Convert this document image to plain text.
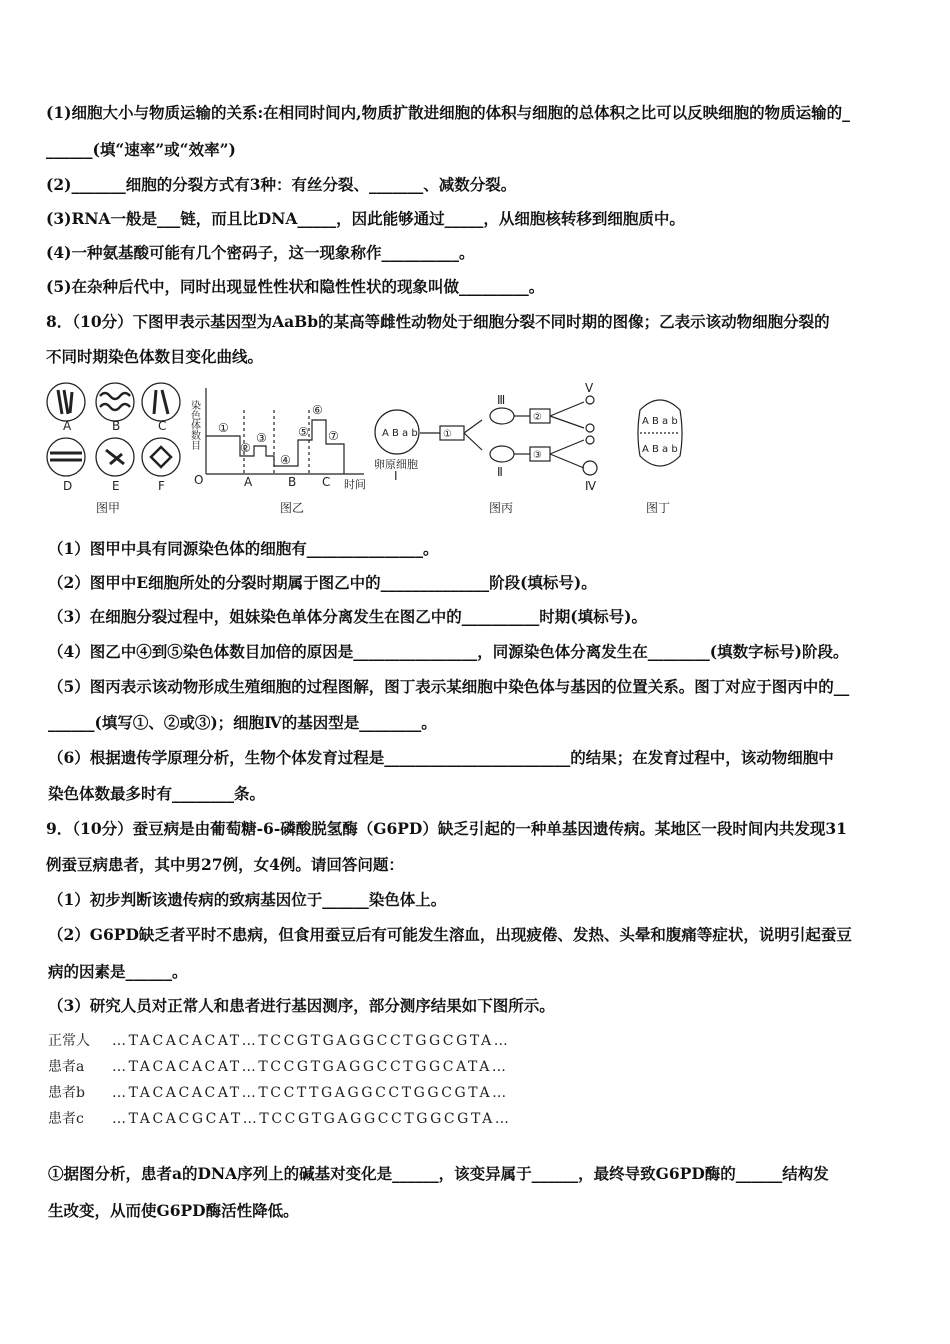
(1)细胞大小与物质运输的关系:在相同时间内,物质扩散进细胞的体积与细胞的总体积之比可以反映细胞的物质运输的_
______(填“速率”或“效率”)
(2)_______细胞的分裂方式有3种：有丝分裂、_______、减数分裂。
(3)RNA一般是___链，而且比DNA_____，因此能够通过_____，从细胞核转移到细胞质中。
(4)一种氨基酸可能有几个密码子，这一现象称作__________。
(5)在杂种后代中，同时出现显性性状和隐性性状的现象叫做_________。
8．（10分）下图甲表示基因型为AaBb的某高等雌性动物处于细胞分裂不同时期的图像；乙表示该动物细胞分裂的
不同时期染色体数目变化曲线。
A	B	C
D	E	F
图甲
染色体数目
O	时间
A	B C
①
②
③
④
⑤
⑥
⑦
图乙
A B a b	①
②
③
卵原细胞
Ⅰ	Ⅱ
Ⅲ
Ⅳ
Ⅴ
图丙
A B a b
A B a b
图丁
（1）图甲中具有同源染色体的细胞有_______________。
（2）图甲中E细胞所处的分裂时期属于图乙中的______________阶段(填标号)。
（3）在细胞分裂过程中，姐妹染色单体分离发生在图乙中的__________时期(填标号)。
（4）图乙中④到⑤染色体数目加倍的原因是________________，同源染色体分离发生在________(填数字标号)阶段。
（5）图丙表示该动物形成生殖细胞的过程图解，图丁表示某细胞中染色体与基因的位置关系。图丁对应于图丙中的__
______(填写①、②或③)；细胞Ⅳ的基因型是________。
（6）根据遗传学原理分析，生物个体发育过程是________________________的结果；在发育过程中，该动物细胞中
染色体数最多时有________条。
9．（10分）蚕豆病是由葡萄糖-6-磷酸脱氢酶（G6PD）缺乏引起的一种单基因遗传病。某地区一段时间内共发现31
例蚕豆病患者，其中男27例，女4例。请回答问题：
（1）初步判断该遗传病的致病基因位于______染色体上。
（2）G6PD缺乏者平时不患病，但食用蚕豆后有可能发生溶血，出现疲倦、发热、头晕和腹痛等症状，说明引起蚕豆
病的因素是______。
（3）研究人员对正常人和患者进行基因测序，部分测序结果如下图所示。
正常人 …TACACACAT…TCCGTGAGGCCTGGCGTA…
患者a …TACACACAT…TCCGTGAGGCCTGGCATA…
患者b …TACACACAT…TCCTTGAGGCCTGGCGTA…
患者c …TACACGCAT…TCCGTGAGGCCTGGCGTA…
①据图分析，患者a的DNA序列上的碱基对变化是______，该变异属于______，最终导致G6PD酶的______结构发
生改变，从而使G6PD酶活性降低。
